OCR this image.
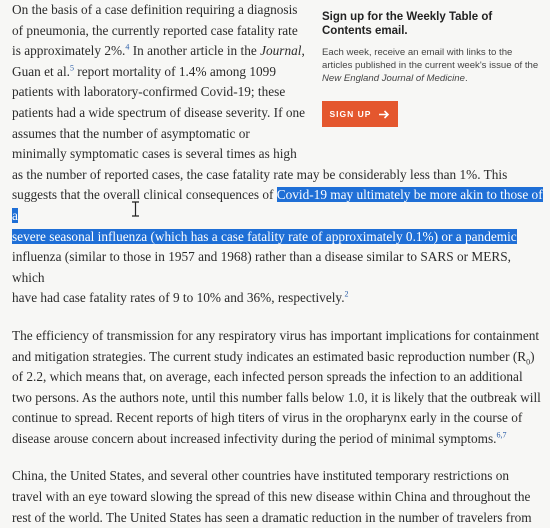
On the basis of a case definition requiring a diagnosis

of pneumonia, the currently reported case fatality rate

is approximately 2%.$^4$ In another article in the Journal,

Guan et al.$^5$ report mortality of 1.4% among 1099

patients with laboratory-confirmed Covid-19; these

patients had a wide spectrum of disease severity. If one

assumes that the number of asymptomatic or

minimally symptomatic cases is several times as high

as the number of reported cases, the case fatality rate may be considerably less than 1%. This

suggests that the overall clinical consequences of Covid-19 may ultimately be more akin to those of a

severe seasonal influenza (which has a case fatality rate of approximately 0.1%) or a pandemic

influenza (similar to those in 1957 and 1968) rather than a disease similar to SARS or MERS, which

have had case fatality rates of 9 to 10% and 36%, respectively.$^2$

The efficiency of transmission for any respiratory virus has important implications for containment

and mitigation strategies. The current study indicates an estimated basic reproduction number $(R_0)$

of 2.2, which means that, on average, each infected person spreads the infection to an additional

two persons. As the authors note, until this number falls below 1.0, it is likely that the outbreak will

continue to spread. Recent reports of high titers of virus in the oropharynx early in the course of

disease arouse concern about increased infectivity during the period of minimal symptoms.$^{6,7}$

China, the United States, and several other countries have instituted temporary restrictions on

travel with an eye toward slowing the spread of this new disease within China and throughout the

rest of the world. The United States has seen a dramatic reduction in the number of travelers from

Sign up for the Weekly Table of Contents email.

Each week, receive an email with links to the articles published in the current week's issue of the New England Journal of Medicine.

SIGN UP
